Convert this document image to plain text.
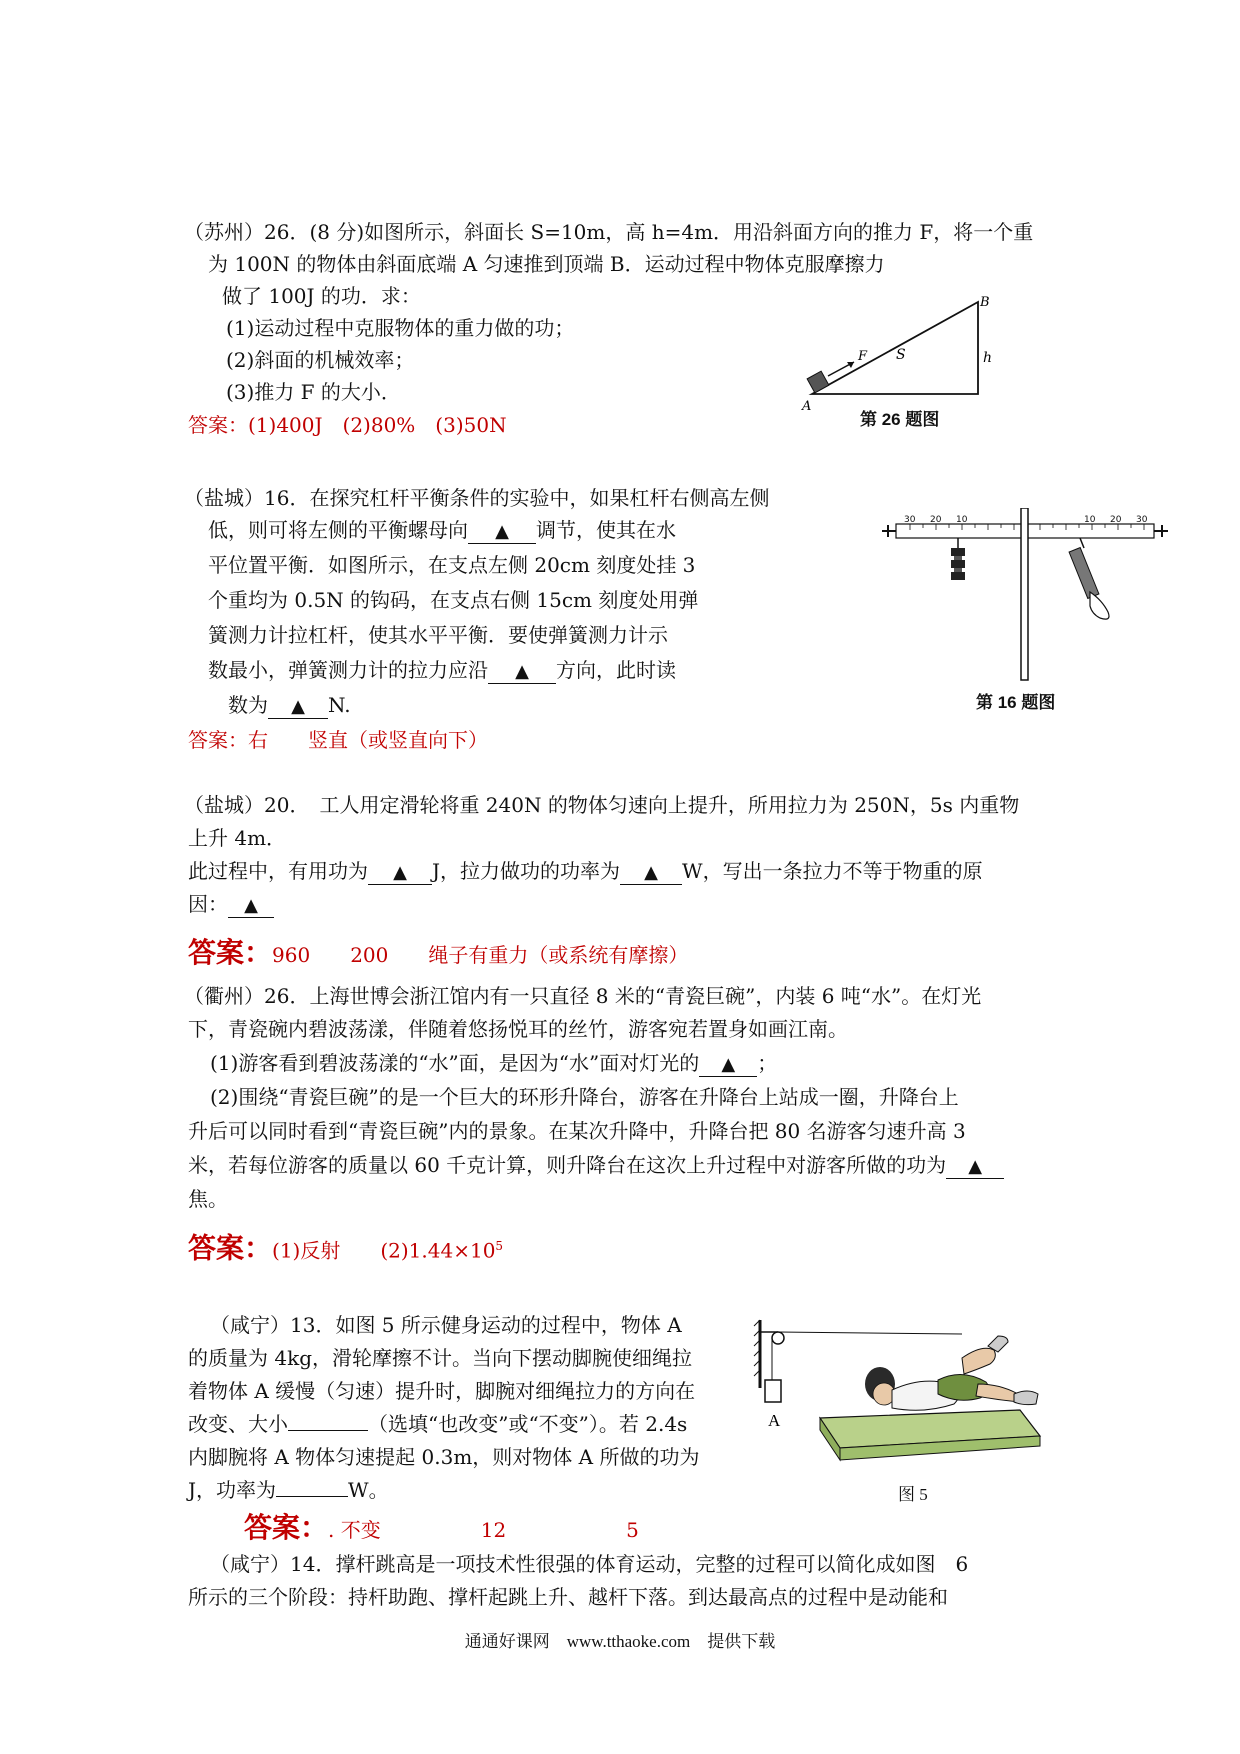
（苏州）26．(8 分)如图所示，斜面长 S=10m，高 h=4m．用沿斜面方向的推力 F，将一个重
为 100N 的物体由斜面底端 A 匀速推到顶端 B．运动过程中物体克服摩擦力
做了 100J 的功．求：
(1)运动过程中克服物体的重力做的功；
(2)斜面的机械效率；
(3)推力 F 的大小．
答案：(1)400J　(2)80%　(3)50N
A
B
F S	h
第 26 题图
（盐城）16．在探究杠杆平衡条件的实验中，如果杠杆右侧高左侧
低，则可将左侧的平衡螺母向 ▲ 调节，使其在水
平位置平衡．如图所示，在支点左侧 20cm 刻度处挂 3
个重均为 0.5N 的钩码，在支点右侧 15cm 刻度处用弹
簧测力计拉杠杆，使其水平平衡．要使弹簧测力计示
数最小，弹簧测力计的拉力应沿 ▲ 方向，此时读
数为 ▲ N.
答案：右　　竖直（或竖直向下）
30 20 10	10 20 30
第 16 题图
（盐城）20．　工人用定滑轮将重 240N 的物体匀速向上提升，所用拉力为 250N，5s 内重物
上升 4m．
此过程中，有用功为 ▲ J，拉力做功的功率为 ▲ W，写出一条拉力不等于物重的原
因： ▲
答案：960　　200　　绳子有重力（或系统有摩擦）
（衢州）26．上海世博会浙江馆内有一只直径 8 米的“青瓷巨碗”，内装 6 吨“水”。在灯光
下，青瓷碗内碧波荡漾，伴随着悠扬悦耳的丝竹，游客宛若置身如画江南。
(1)游客看到碧波荡漾的“水”面，是因为“水”面对灯光的 ▲ ；
(2)围绕“青瓷巨碗”的是一个巨大的环形升降台，游客在升降台上站成一圈，升降台上
升后可以同时看到“青瓷巨碗”内的景象。在某次升降中，升降台把 80 名游客匀速升高 3
米，若每位游客的质量以 60 千克计算，则升降台在这次上升过程中对游客所做的功为 ▲
焦。
答案：(1)反射　　$(2)1.44\times 10^5$
（咸宁）13．如图 5 所示健身运动的过程中，物体 A
的质量为 4kg，滑轮摩擦不计。当向下摆动脚腕使细绳拉
着物体 A 缓慢（匀速）提升时，脚腕对细绳拉力的方向在
改变、大小	（选填“也改变”或“不变”）。若 2.4s
内脚腕将 A 物体匀速提起 0.3m，则对物体 A 所做的功为
J，功率为	W。
答案：. 不变　　　　　12　　　　　　5
A
图 5
（咸宁）14．撑杆跳高是一项技术性很强的体育运动，完整的过程可以简化成如图　6
所示的三个阶段：持杆助跑、撑杆起跳上升、越杆下落。到达最高点的过程中是动能和
通通好课网　www.tthaoke.com　提供下载
